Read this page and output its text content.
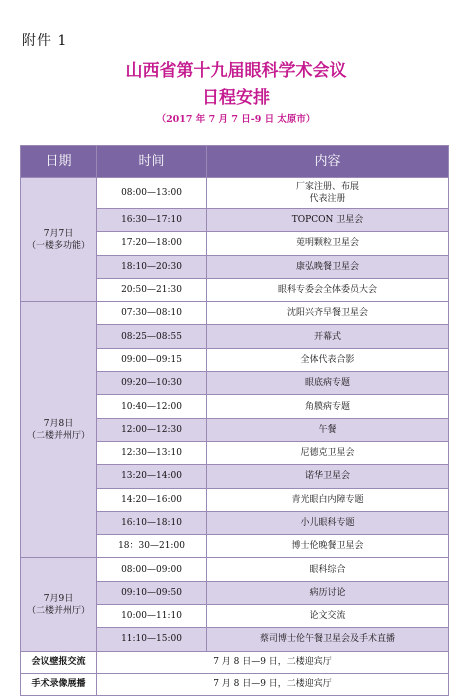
附件 1
山西省第十九届眼科学术会议
日程安排
（2017 年 7 月 7 日-9 日 太原市）
日期	时间	内容
7月7日
（一楼多功能）	08:00—13:00	厂家注册、布展
代表注册
	16:30—17:10	TOPCON 卫星会
	17:20—18:00	莵明颗粒卫星会
	18:10—20:30	康弘晚餐卫星会
	20:50—21:30	眼科专委会全体委员大会
7月8日
（二楼并州厅）	07:30—08:10	沈阳兴齐早餐卫星会
	08:25—08:55	开幕式
	09:00—09:15	全体代表合影
	09:20—10:30	眼底病专题
	10:40—12:00	角膜病专题
	12:00—12:30	午餐
	12:30—13:10	尼德克卫星会
	13:20—14:00	诺华卫星会
	14:20—16:00	青光眼白内障专题
	16:10—18:10	小儿眼科专题
	18：30—21:00	博士伦晚餐卫星会
7月9日
（二楼并州厅）	08:00—09:00	眼科综合
	09:10—09:50	病历讨论
	10:00—11:10	论文交流
	11:10—15:00	蔡司博士伦午餐卫星会及手术直播
会议壁报交流	7 月 8 日—9 日，二楼迎宾厅	
手术录像展播	7 月 8 日—9 日，二楼迎宾厅	
